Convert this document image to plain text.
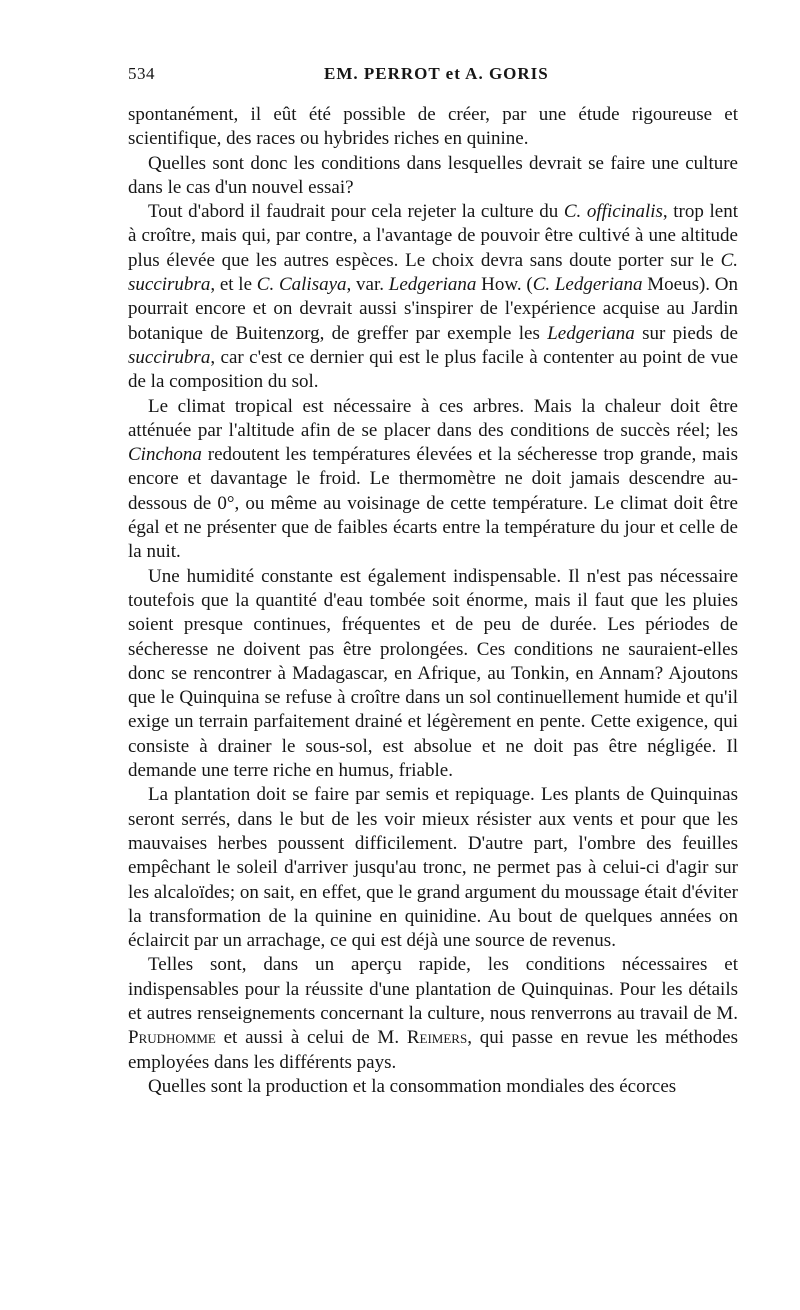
534	EM. PERROT et A. GORIS

spontanément, il eût été possible de créer, par une étude rigoureuse et scientifique, des races ou hybrides riches en quinine.

Quelles sont donc les conditions dans lesquelles devrait se faire une culture dans le cas d'un nouvel essai?

Tout d'abord il faudrait pour cela rejeter la culture du C. officinalis, trop lent à croître, mais qui, par contre, a l'avantage de pouvoir être cultivé à une altitude plus élevée que les autres espèces. Le choix devra sans doute porter sur le C. succirubra, et le C. Calisaya, var. Ledgeriana How. (C. Ledgeriana Moeus). On pourrait encore et on devrait aussi s'inspirer de l'expérience acquise au Jardin botanique de Buitenzorg, de greffer par exemple les Ledgeriana sur pieds de succirubra, car c'est ce dernier qui est le plus facile à contenter au point de vue de la composition du sol.

Le climat tropical est nécessaire à ces arbres. Mais la chaleur doit être atténuée par l'altitude afin de se placer dans des conditions de succès réel; les Cinchona redoutent les températures élevées et la sécheresse trop grande, mais encore et davantage le froid. Le thermomètre ne doit jamais descendre au-dessous de 0°, ou même au voisinage de cette température. Le climat doit être égal et ne présenter que de faibles écarts entre la température du jour et celle de la nuit.

Une humidité constante est également indispensable. Il n'est pas nécessaire toutefois que la quantité d'eau tombée soit énorme, mais il faut que les pluies soient presque continues, fréquentes et de peu de durée. Les périodes de sécheresse ne doivent pas être prolongées. Ces conditions ne sauraient-elles donc se rencontrer à Madagascar, en Afrique, au Tonkin, en Annam? Ajoutons que le Quinquina se refuse à croître dans un sol continuellement humide et qu'il exige un terrain parfaitement drainé et légèrement en pente. Cette exigence, qui consiste à drainer le sous-sol, est absolue et ne doit pas être négligée. Il demande une terre riche en humus, friable.

La plantation doit se faire par semis et repiquage. Les plants de Quinquinas seront serrés, dans le but de les voir mieux résister aux vents et pour que les mauvaises herbes poussent difficilement. D'autre part, l'ombre des feuilles empêchant le soleil d'arriver jusqu'au tronc, ne permet pas à celui-ci d'agir sur les alcaloïdes; on sait, en effet, que le grand argument du moussage était d'éviter la transformation de la quinine en quinidine. Au bout de quelques années on éclaircit par un arrachage, ce qui est déjà une source de revenus.

Telles sont, dans un aperçu rapide, les conditions nécessaires et indispensables pour la réussite d'une plantation de Quinquinas. Pour les détails et autres renseignements concernant la culture, nous renverrons au travail de M. Prudhomme et aussi à celui de M. Reimers, qui passe en revue les méthodes employées dans les différents pays.

Quelles sont la production et la consommation mondiales des écorces
